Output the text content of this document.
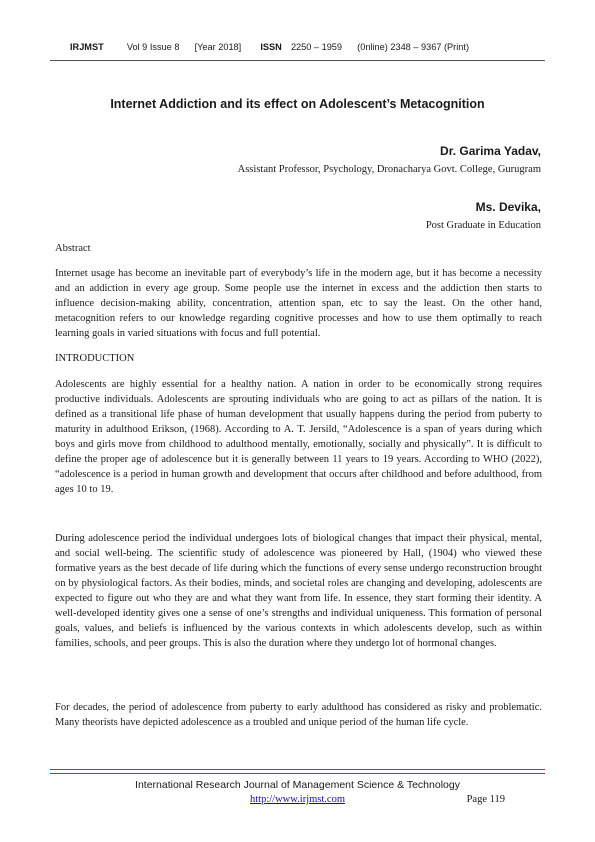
IRJMST	Vol 9 Issue 8 [Year 2018] ISSN 2250 – 1959 (0nline) 2348 – 9367 (Print)
Internet Addiction and its effect on Adolescent’s Metacognition
Dr. Garima Yadav,
Assistant Professor, Psychology, Dronacharya Govt. College, Gurugram
Ms. Devika,
Post Graduate in Education
Abstract

Internet usage has become an inevitable part of everybody’s life in the modern age, but it has become a necessity and an addiction in every age group. Some people use the internet in excess and the addiction then starts to influence decision-making ability, concentration, attention span, etc to say the least. On the other hand, metacognition refers to our knowledge regarding cognitive processes and how to use them optimally to reach learning goals in varied situations with focus and full potential.

INTRODUCTION

Adolescents are highly essential for a healthy nation. A nation in order to be economically strong requires productive individuals. Adolescents are sprouting individuals who are going to act as pillars of the nation. It is defined as a transitional life phase of human development that usually happens during the period from puberty to maturity in adulthood Erikson, (1968). According to A. T. Jersild, “Adolescence is a span of years during which boys and girls move from childhood to adulthood mentally, emotionally, socially and physically”. It is difficult to define the proper age of adolescence but it is generally between 11 years to 19 years. According to WHO (2022), “adolescence is a period in human growth and development that occurs after childhood and before adulthood, from ages 10 to 19.

During adolescence period the individual undergoes lots of biological changes that impact their physical, mental, and social well-being. The scientific study of adolescence was pioneered by Hall, (1904) who viewed these formative years as the best decade of life during which the functions of every sense undergo reconstruction brought on by physiological factors. As their bodies, minds, and societal roles are changing and developing, adolescents are expected to figure out who they are and what they want from life. In essence, they start forming their identity. A well-developed identity gives one a sense of one’s strengths and individual uniqueness. This formation of personal goals, values, and beliefs is influenced by the various contexts in which adolescents develop, such as within families, schools, and peer groups. This is also the duration where they undergo lot of hormonal changes.

For decades, the period of adolescence from puberty to early adulthood has considered as risky and problematic. Many theorists have depicted adolescence as a troubled and unique period of the human life cycle.

International Research Journal of Management Science & Technology
http://www.irjmst.com	Page 119
